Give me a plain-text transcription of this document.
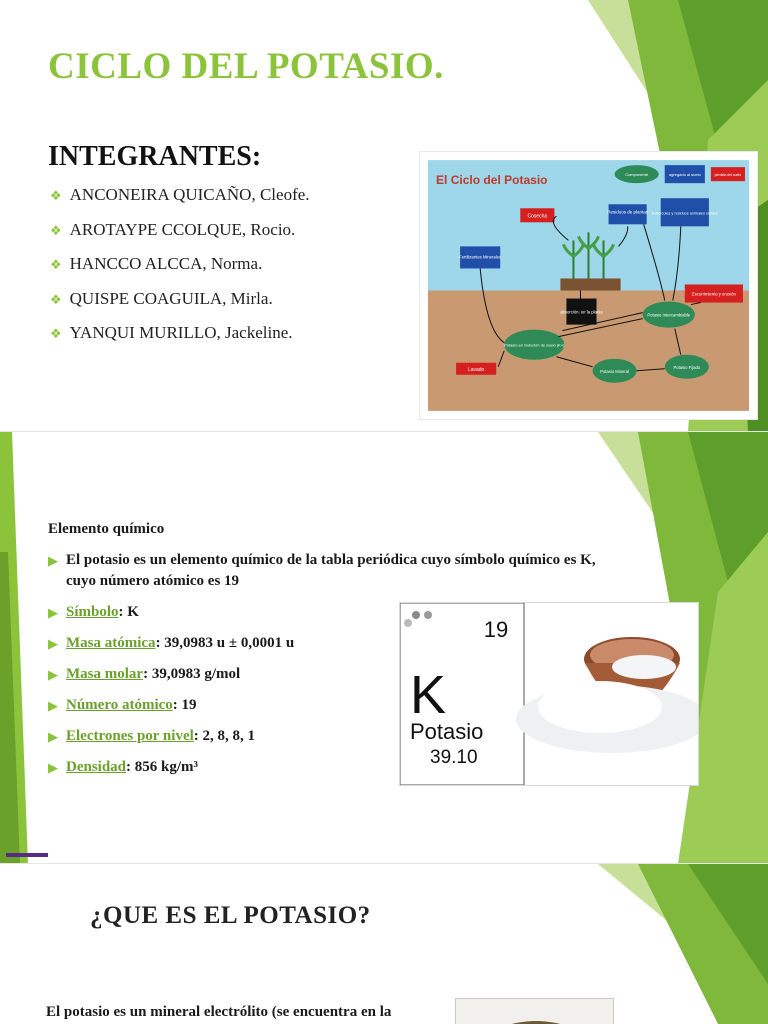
CICLO DEL POTASIO.
INTEGRANTES:
❖ ANCONEIRA QUICAÑO, Cleofe.
❖ AROTAYPE CCOLQUE, Rocio.
❖ HANCCO ALCCA, Norma.
❖ QUISPE COAGUILA, Mirla.
❖ YANQUI MURILLO, Jackeline.
El Ciclo del Potasio	Componente	agregado al suelo	pérdida del suelo
Cosecha
Residuos de plantas Estiércoles y residuos animales sólidos
Fertilizantes Minerales
absorción por la planta
Escurrimiento y erosión
Potasio Intercambiable
Potasio en Solución de suelo (K+)
Lavado	Potasio Mineral
Potasio Fijado
Elemento químico
▶ El potasio es un elemento químico de la tabla periódica cuyo símbolo químico es K, cuyo número atómico es 19
▶ Símbolo: K
▶ Masa atómica: 39,0983 u ± 0,0001 u
▶ Masa molar: 39,0983 g/mol
▶ Número atómico: 19
▶ Electrones por nivel: 2, 8, 8, 1
▶ Densidad: 856 kg/m³
19
K
Potasio
39.10
¿QUE ES EL POTASIO?

El potasio es un mineral electrólito (se encuentra en la
